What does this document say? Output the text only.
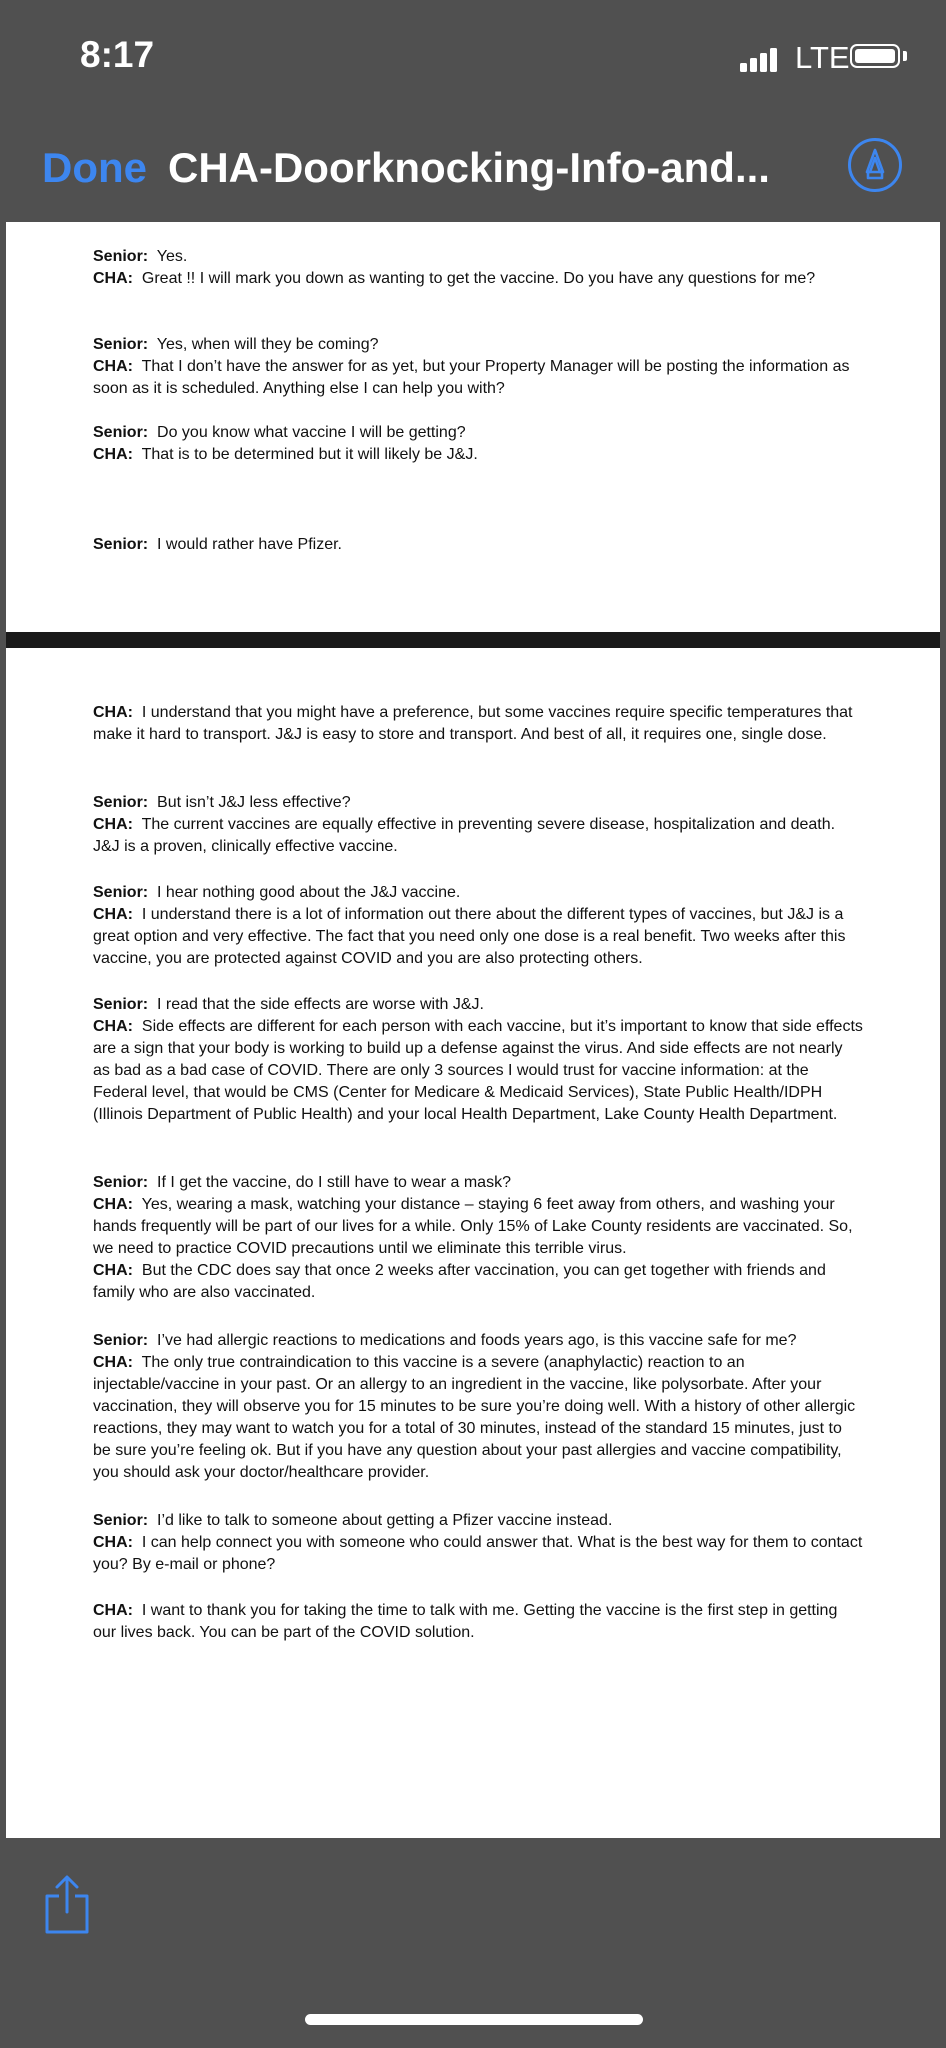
8:17	LTE
Done CHA-Doorknocking-Info-and...

Senior: Yes.

CHA: Great !! I will mark you down as wanting to get the vaccine. Do you have any questions for me?

Senior: Yes, when will they be coming?

CHA: That I don’t have the answer for as yet, but your Property Manager will be posting the information as soon as it is scheduled. Anything else I can help you with?

Senior: Do you know what vaccine I will be getting?

CHA: That is to be determined but it will likely be J&J.

Senior: I would rather have Pfizer.

CHA: I understand that you might have a preference, but some vaccines require specific temperatures that make it hard to transport. J&J is easy to store and transport. And best of all, it requires one, single dose.

Senior: But isn’t J&J less effective?

CHA: The current vaccines are equally effective in preventing severe disease, hospitalization and death. J&J is a proven, clinically effective vaccine.

Senior: I hear nothing good about the J&J vaccine.

CHA: I understand there is a lot of information out there about the different types of vaccines, but J&J is a great option and very effective. The fact that you need only one dose is a real benefit. Two weeks after this vaccine, you are protected against COVID and you are also protecting others.

Senior: I read that the side effects are worse with J&J.

CHA: Side effects are different for each person with each vaccine, but it’s important to know that side effects are a sign that your body is working to build up a defense against the virus. And side effects are not nearly as bad as a bad case of COVID. There are only 3 sources I would trust for vaccine information: at the Federal level, that would be CMS (Center for Medicare & Medicaid Services), State Public Health/IDPH (Illinois Department of Public Health) and your local Health Department, Lake County Health Department.

Senior: If I get the vaccine, do I still have to wear a mask?

CHA: Yes, wearing a mask, watching your distance – staying 6 feet away from others, and washing your hands frequently will be part of our lives for a while. Only 15% of Lake County residents are vaccinated. So, we need to practice COVID precautions until we eliminate this terrible virus.

CHA: But the CDC does say that once 2 weeks after vaccination, you can get together with friends and family who are also vaccinated.

Senior: I’ve had allergic reactions to medications and foods years ago, is this vaccine safe for me?

CHA: The only true contraindication to this vaccine is a severe (anaphylactic) reaction to an injectable/vaccine in your past. Or an allergy to an ingredient in the vaccine, like polysorbate. After your vaccination, they will observe you for 15 minutes to be sure you’re doing well. With a history of other allergic reactions, they may want to watch you for a total of 30 minutes, instead of the standard 15 minutes, just to be sure you’re feeling ok. But if you have any question about your past allergies and vaccine compatibility, you should ask your doctor/healthcare provider.

Senior: I’d like to talk to someone about getting a Pfizer vaccine instead.

CHA: I can help connect you with someone who could answer that. What is the best way for them to contact you? By e-mail or phone?

CHA: I want to thank you for taking the time to talk with me. Getting the vaccine is the first step in getting our lives back. You can be part of the COVID solution.
